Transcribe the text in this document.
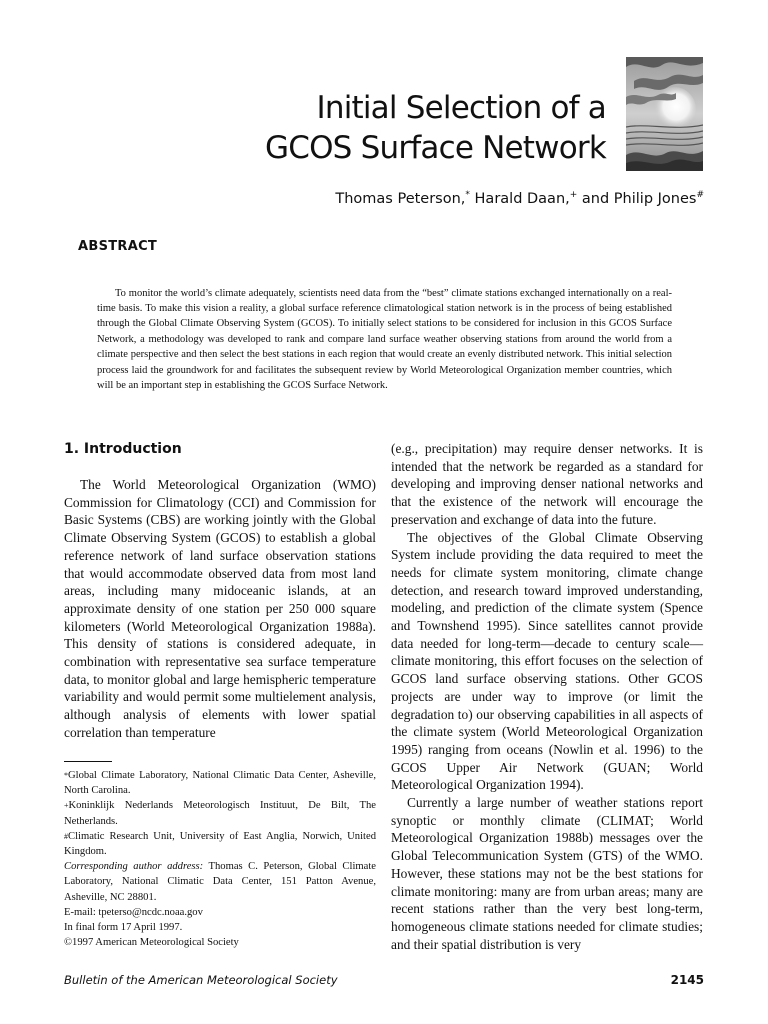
Initial Selection of a
GCOS Surface Network
Thomas Peterson,* Harald Daan,+ and Philip Jones#
ABSTRACT

To monitor the world’s climate adequately, scientists need data from the “best” climate stations exchanged internationally on a real-time basis. To make this vision a reality, a global surface reference climatological station network is in the process of being established through the Global Climate Observing System (GCOS). To initially select stations to be considered for inclusion in this GCOS Surface Network, a methodology was developed to rank and compare land surface weather observing stations from around the world from a climate perspective and then select the best stations in each region that would create an evenly distributed network. This initial selection process laid the groundwork for and facilitates the subsequent review by World Meteorological Organization member countries, which will be an important step in establishing the GCOS Surface Network.

1. Introduction

The World Meteorological Organization (WMO) Commission for Climatology (CCI) and Commission for Basic Systems (CBS) are working jointly with the Global Climate Observing System (GCOS) to establish a global reference network of land surface observation stations that would accommodate observed data from most land areas, including many midoceanic islands, at an approximate density of one station per 250 000 square kilometers (World Meteorological Organization 1988a). This density of stations is considered adequate, in combination with representative sea surface temperature data, to monitor global and large hemispheric temperature variability and would permit some multielement analysis, although analysis of elements with lower spatial correlation than temperature

(e.g., precipitation) may require denser networks. It is intended that the network be regarded as a standard for developing and improving denser national networks and that the existence of the network will encourage the preservation and exchange of data into the future.

The objectives of the Global Climate Observing System include providing the data required to meet the needs for climate system monitoring, climate change detection, and research toward improved understanding, modeling, and prediction of the climate system (Spence and Townshend 1995). Since satellites cannot provide data needed for long-term—decade to century scale—climate monitoring, this effort focuses on the selection of GCOS land surface observing stations. Other GCOS projects are under way to improve (or limit the degradation to) our observing capabilities in all aspects of the climate system (World Meteorological Organization 1995) ranging from oceans (Nowlin et al. 1996) to the GCOS Upper Air Network (GUAN; World Meteorological Organization 1994).

Currently a large number of weather stations report synoptic or monthly climate (CLIMAT; World Meteorological Organization 1988b) messages over the Global Telecommunication System (GTS) of the WMO. However, these stations may not be the best stations for climate monitoring: many are from urban areas; many are recent stations rather than the very best long-term, homogeneous climate stations needed for climate studies; and their spatial distribution is very

*Global Climate Laboratory, National Climatic Data Center, Asheville, North Carolina.

+Koninklijk Nederlands Meteorologisch Instituut, De Bilt, The Netherlands.

#Climatic Research Unit, University of East Anglia, Norwich, United Kingdom.

Corresponding author address: Thomas C. Peterson, Global Climate Laboratory, National Climatic Data Center, 151 Patton Avenue, Asheville, NC 28801.

E-mail: tpeterso@ncdc.noaa.gov

In final form 17 April 1997.

©1997 American Meteorological Society

Bulletin of the American Meteorological Society	2145
